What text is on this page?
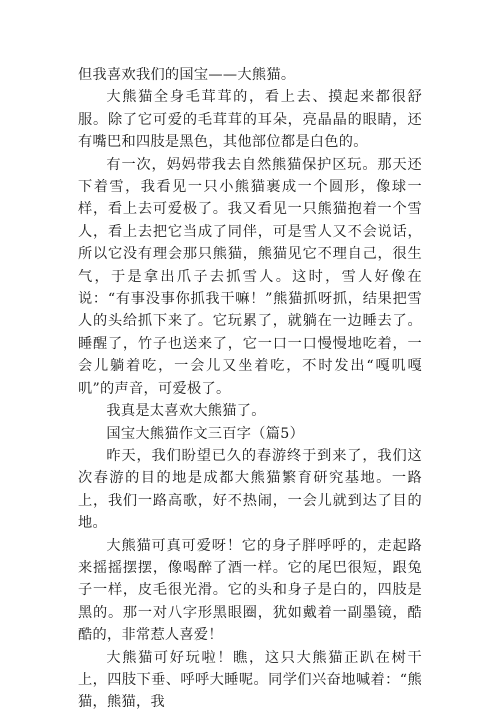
但我喜欢我们的国宝——大熊猫。

大熊猫全身毛茸茸的，看上去、摸起来都很舒服。除了它可爱的毛茸茸的耳朵，亮晶晶的眼睛，还有嘴巴和四肢是黑色，其他部位都是白色的。

有一次，妈妈带我去自然熊猫保护区玩。那天还下着雪，我看见一只小熊猫裹成一个圆形，像球一样，看上去可爱极了。我又看见一只熊猫抱着一个雪人，看上去把它当成了同伴，可是雪人又不会说话，所以它没有理会那只熊猫，熊猫见它不理自己，很生气，于是拿出爪子去抓雪人。这时，雪人好像在说：“有事没事你抓我干嘛！”熊猫抓呀抓，结果把雪人的头给抓下来了。它玩累了，就躺在一边睡去了。睡醒了，竹子也送来了，它一口一口慢慢地吃着，一会儿躺着吃，一会儿又坐着吃，不时发出“嘎叽嘎叽”的声音，可爱极了。

我真是太喜欢大熊猫了。

国宝大熊猫作文三百字（篇5）

昨天，我们盼望已久的春游终于到来了，我们这次春游的目的地是成都大熊猫繁育研究基地。一路上，我们一路高歌，好不热闹，一会儿就到达了目的地。

大熊猫可真可爱呀！它的身子胖呼呼的，走起路来摇摇摆摆，像喝醉了酒一样。它的尾巴很短，跟兔子一样，皮毛很光滑。它的头和身子是白的，四肢是黑的。那一对八字形黑眼圈，犹如戴着一副墨镜，酷酷的，非常惹人喜爱！

大熊猫可好玩啦！瞧，这只大熊猫正趴在树干上，四肢下垂、呼呼大睡呢。同学们兴奋地喊着：“熊猫，熊猫，我
